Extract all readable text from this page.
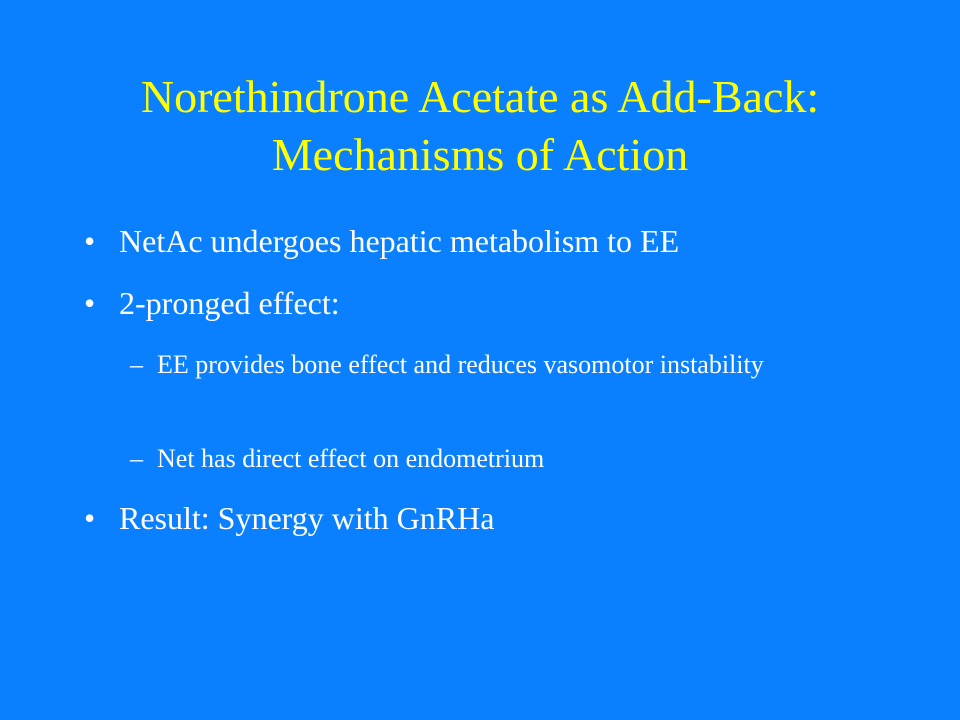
Norethindrone Acetate as Add-Back:
Mechanisms of Action
• NetAc undergoes hepatic metabolism to EE
• 2-pronged effect:
– EE provides bone effect and reduces vasomotor instability
– Net has direct effect on endometrium
• Result: Synergy with GnRHa
